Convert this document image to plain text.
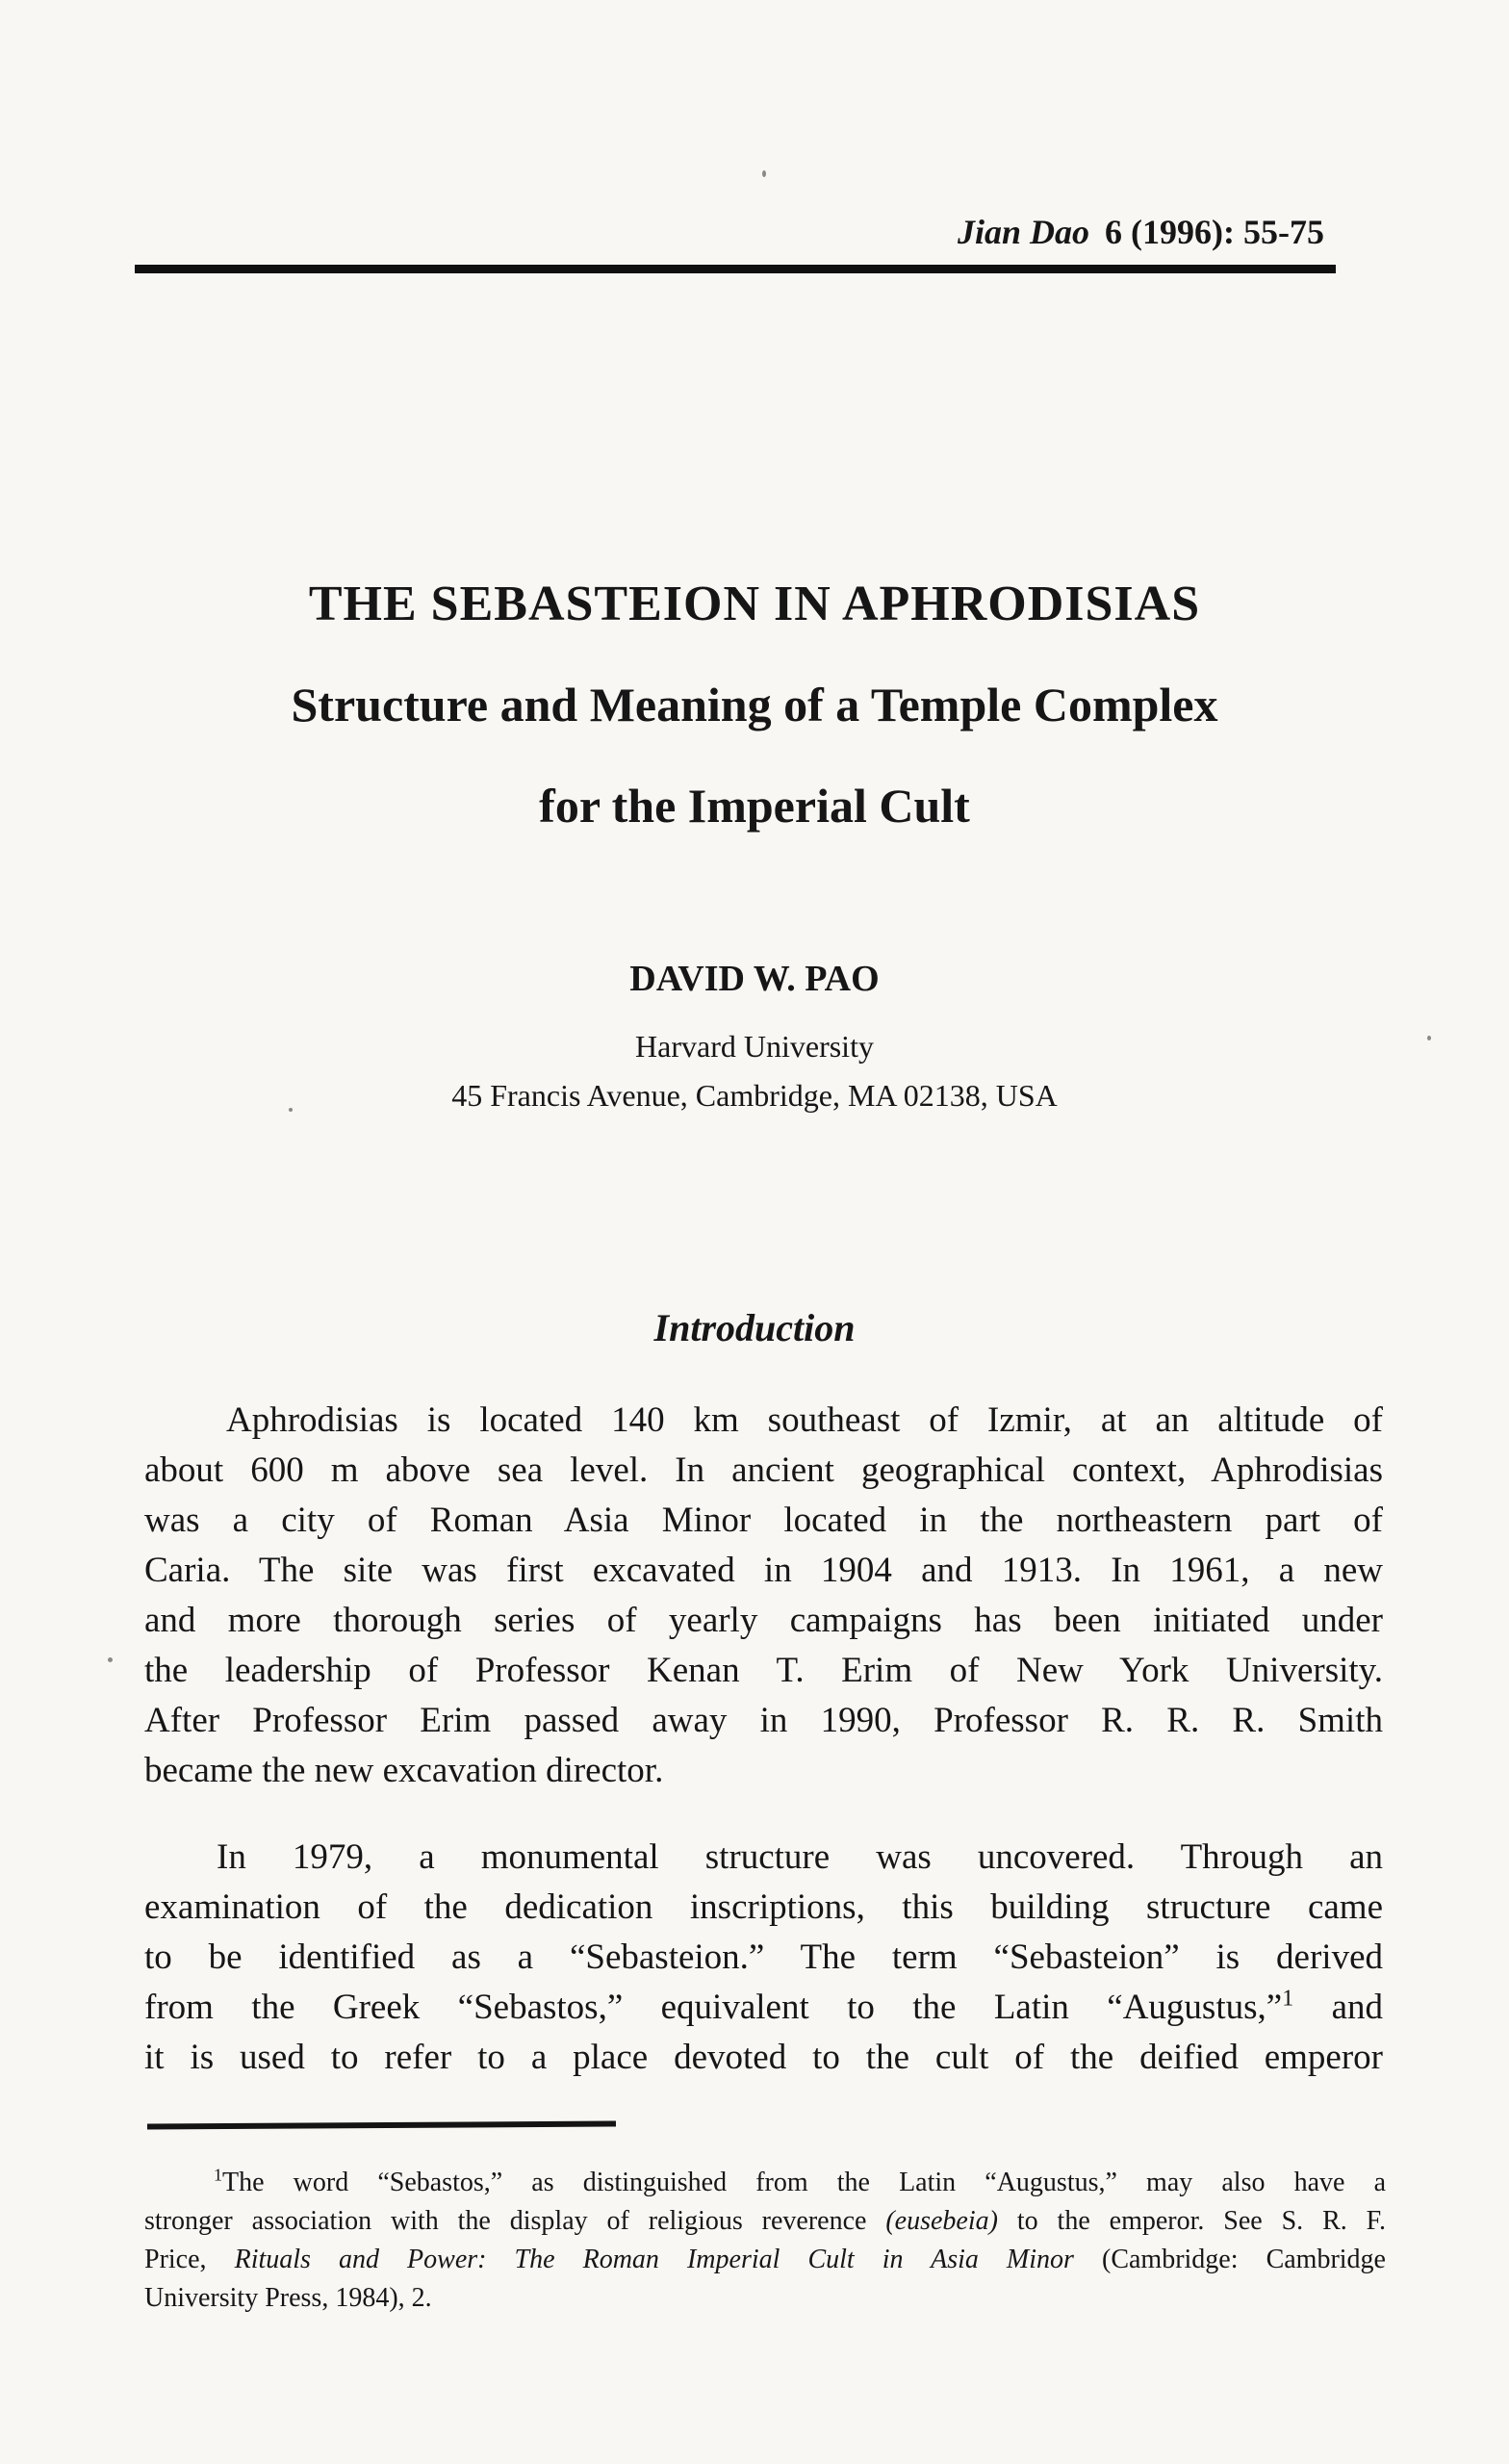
Jian Dao 6 (1996): 55-75
THE SEBASTEION IN APHRODISIAS
Structure and Meaning of a Temple Complex
for the Imperial Cult
DAVID W. PAO
Harvard University
45 Francis Avenue, Cambridge, MA 02138, USA
Introduction
Aphrodisias is located 140 km southeast of Izmir, at an altitude of
about 600 m above sea level. In ancient geographical context, Aphrodisias
was a city of Roman Asia Minor located in the northeastern part of
Caria. The site was first excavated in 1904 and 1913. In 1961, a new
and more thorough series of yearly campaigns has been initiated under
the leadership of Professor Kenan T. Erim of New York University.
After Professor Erim passed away in 1990, Professor R. R. R. Smith
became the new excavation director.
In 1979, a monumental structure was uncovered. Through an
examination of the dedication inscriptions, this building structure came
to be identified as a “Sebasteion.” The term “Sebasteion” is derived
from the Greek “Sebastos,” equivalent to the Latin “Augustus,”$^1$ and
it is used to refer to a place devoted to the cult of the deified emperor
$^1$The word “Sebastos,” as distinguished from the Latin “Augustus,” may also have a
stronger association with the display of religious reverence (eusebeia) to the emperor. See S. R. F.
Price, Rituals and Power: The Roman Imperial Cult in Asia Minor (Cambridge: Cambridge
University Press, 1984), 2.
